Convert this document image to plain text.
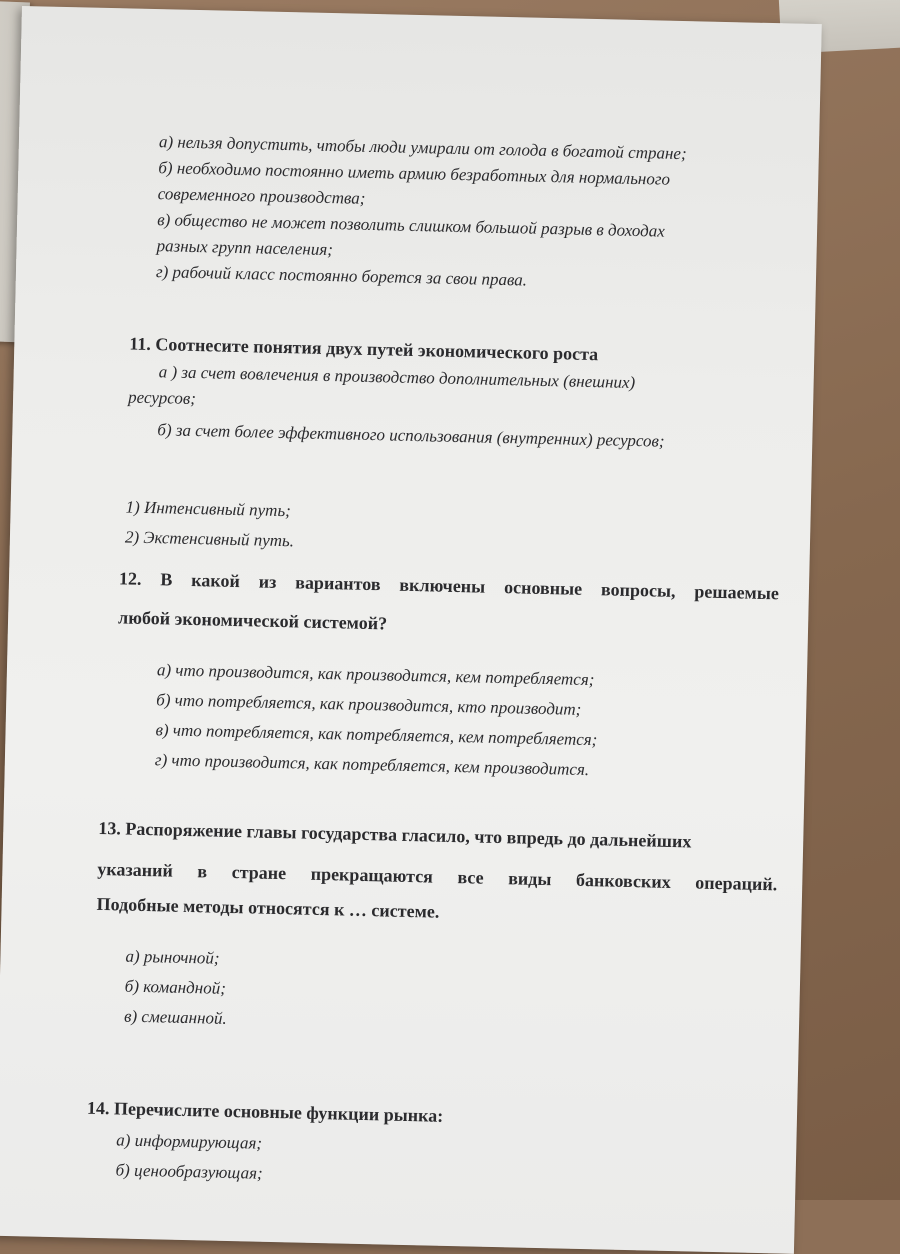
а) нельзя допустить, чтобы люди умирали от голода в богатой стране;
б) необходимо постоянно иметь армию безработных для нормального
современного производства;
в) общество не может позволить слишком большой разрыв в доходах
разных групп населения;
г) рабочий класс постоянно борется за свои права.
11. Соотнесите понятия двух путей экономического роста
а ) за счет вовлечения в производство дополнительных (внешних)
ресурсов;
б) за счет более эффективного использования (внутренних) ресурсов;
1) Интенсивный путь;
2) Экстенсивный путь.
12. В какой из вариантов включены основные вопросы, решаемые
любой экономической системой?
а) что производится, как производится, кем потребляется;
б) что потребляется, как производится, кто производит;
в) что потребляется, как потребляется, кем потребляется;
г) что производится, как потребляется, кем производится.
13. Распоряжение главы государства гласило, что впредь до дальнейших
указаний в стране прекращаются все виды банковских операций.
Подобные методы относятся к … системе.
а) рыночной;
б) командной;
в) смешанной.
14. Перечислите основные функции рынка:
а) информирующая;
б) ценообразующая;
